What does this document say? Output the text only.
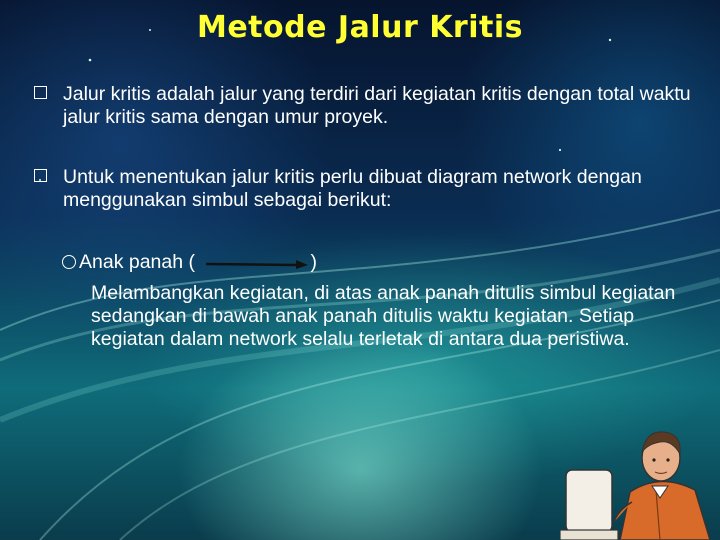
Metode Jalur Kritis
Jalur kritis adalah jalur yang terdiri dari kegiatan kritis dengan total waktu jalur kritis sama dengan umur proyek.
Untuk menentukan jalur kritis perlu dibuat diagram network dengan menggunakan simbul sebagai berikut:
Anak panah (	)
Melambangkan kegiatan, di atas anak panah ditulis simbul kegiatan sedangkan di bawah anak panah ditulis waktu kegiatan. Setiap kegiatan dalam network selalu terletak di antara dua peristiwa.
